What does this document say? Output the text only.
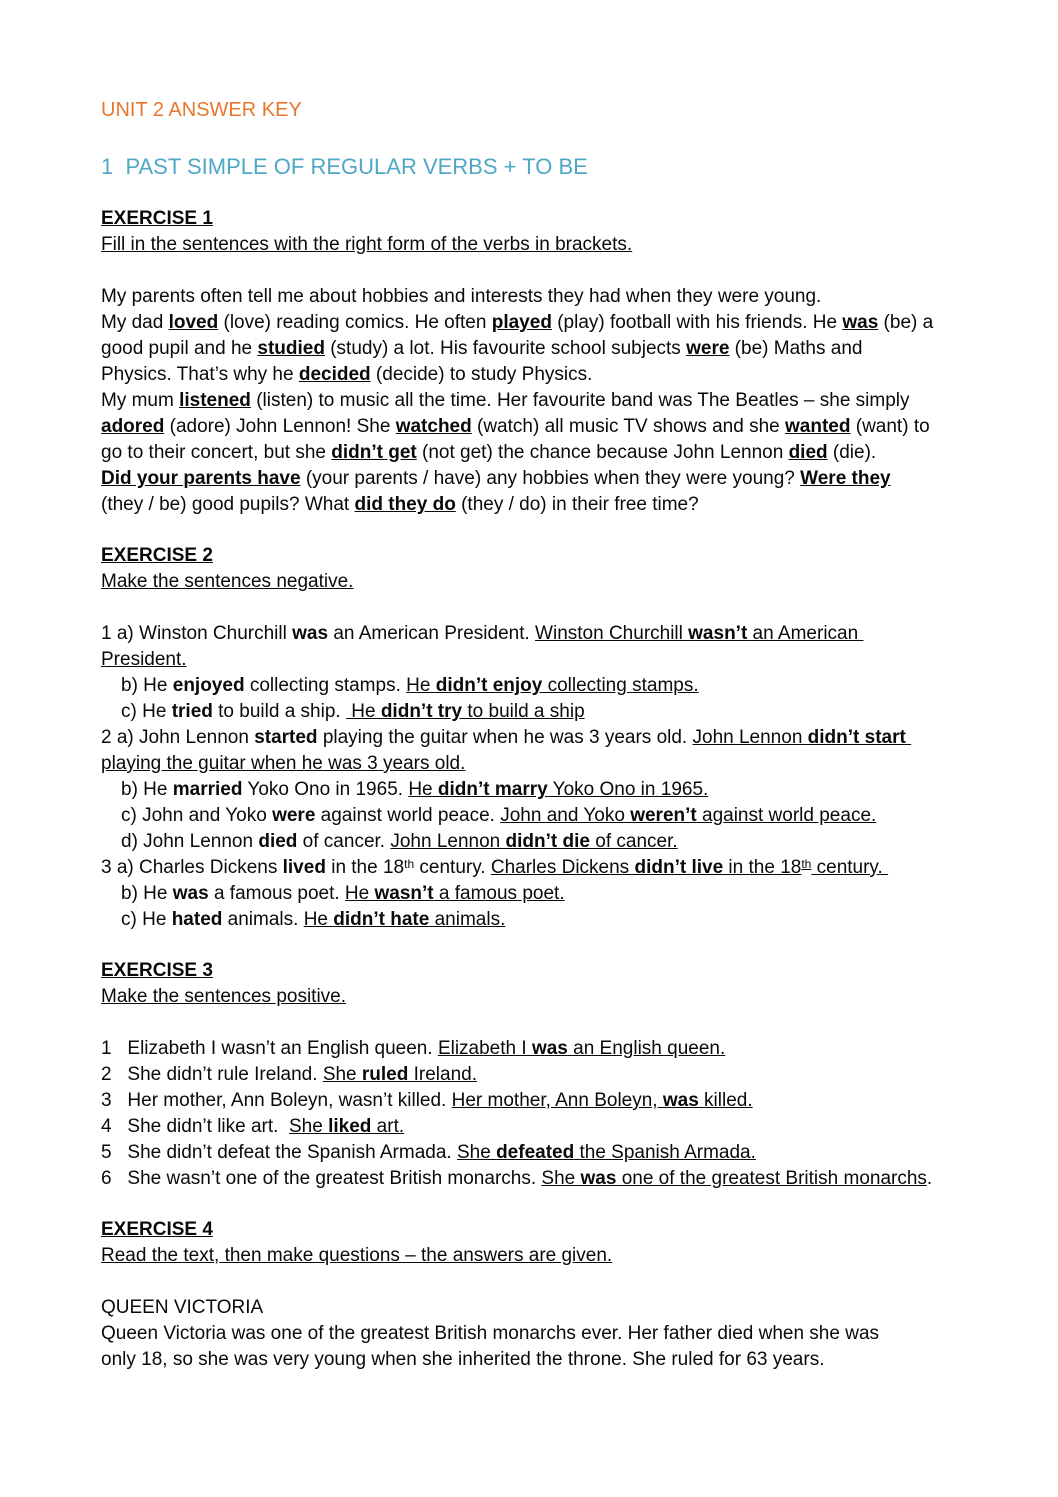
UNIT 2 ANSWER KEY
1  PAST SIMPLE OF REGULAR VERBS + TO BE
EXERCISE 1
Fill in the sentences with the right form of the verbs in brackets.
My parents often tell me about hobbies and interests they had when they were young.
My dad loved (love) reading comics. He often played (play) football with his friends. He was (be) a
good pupil and he studied (study) a lot. His favourite school subjects were (be) Maths and
Physics. That’s why he decided (decide) to study Physics.
My mum listened (listen) to music all the time. Her favourite band was The Beatles – she simply
adored (adore) John Lennon! She watched (watch) all music TV shows and she wanted (want) to
go to their concert, but she didn’t get (not get) the chance because John Lennon died (die).
Did your parents have (your parents / have) any hobbies when they were young? Were they
(they / be) good pupils? What did they do (they / do) in their free time?
EXERCISE 2
Make the sentences negative.
1 a) Winston Churchill was an American President. Winston Churchill wasn’t an American
President.
b) He enjoyed collecting stamps. He didn’t enjoy collecting stamps.
c) He tried to build a ship.  He didn’t try to build a ship
2 a) John Lennon started playing the guitar when he was 3 years old. John Lennon didn’t start
playing the guitar when he was 3 years old.
b) He married Yoko Ono in 1965. He didn’t marry Yoko Ono in 1965.
c) John and Yoko were against world peace. John and Yoko weren’t against world peace.
d) John Lennon died of cancer. John Lennon didn’t die of cancer.
3 a) Charles Dickens lived in the 18th century. Charles Dickens didn’t live in the 18th century.
b) He was a famous poet. He wasn’t a famous poet.
c) He hated animals. He didn’t hate animals.
EXERCISE 3
Make the sentences positive.
1   Elizabeth I wasn’t an English queen. Elizabeth I was an English queen.
2   She didn’t rule Ireland. She ruled Ireland.
3   Her mother, Ann Boleyn, wasn’t killed. Her mother, Ann Boleyn, was killed.
4   She didn’t like art.  She liked art.
5   She didn’t defeat the Spanish Armada. She defeated the Spanish Armada.
6   She wasn’t one of the greatest British monarchs. She was one of the greatest British monarchs.
EXERCISE 4
Read the text, then make questions – the answers are given.
QUEEN VICTORIA
Queen Victoria was one of the greatest British monarchs ever. Her father died when she was
only 18, so she was very young when she inherited the throne. She ruled for 63 years.
